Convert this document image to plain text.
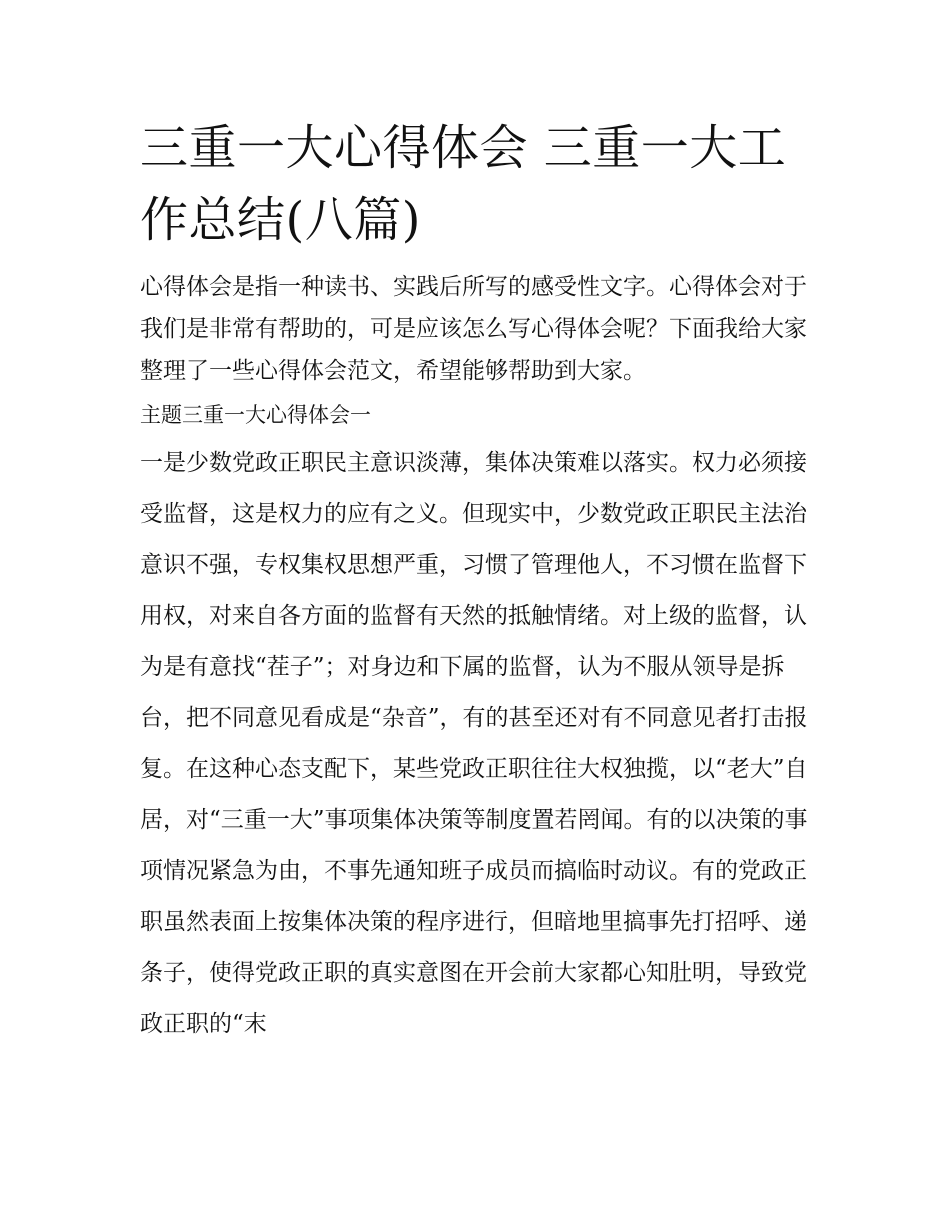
三重一大心得体会 三重一大工作总结(八篇)

心得体会是指一种读书、实践后所写的感受性文字。心得体会对于我们是非常有帮助的，可是应该怎么写心得体会呢？下面我给大家整理了一些心得体会范文，希望能够帮助到大家。

主题三重一大心得体会一

一是少数党政正职民主意识淡薄，集体决策难以落实。权力必须接受监督，这是权力的应有之义。但现实中，少数党政正职民主法治意识不强，专权集权思想严重，习惯了管理他人，不习惯在监督下用权，对来自各方面的监督有天然的抵触情绪。对上级的监督，认为是有意找“茬子”；对身边和下属的监督，认为不服从领导是拆台，把不同意见看成是“杂音”，有的甚至还对有不同意见者打击报复。在这种心态支配下，某些党政正职往往大权独揽，以“老大”自居，对“三重一大”事项集体决策等制度置若罔闻。有的以决策的事项情况紧急为由，不事先通知班子成员而搞临时动议。有的党政正职虽然表面上按集体决策的程序进行，但暗地里搞事先打招呼、递条子，使得党政正职的真实意图在开会前大家都心知肚明，导致党政正职的“末
